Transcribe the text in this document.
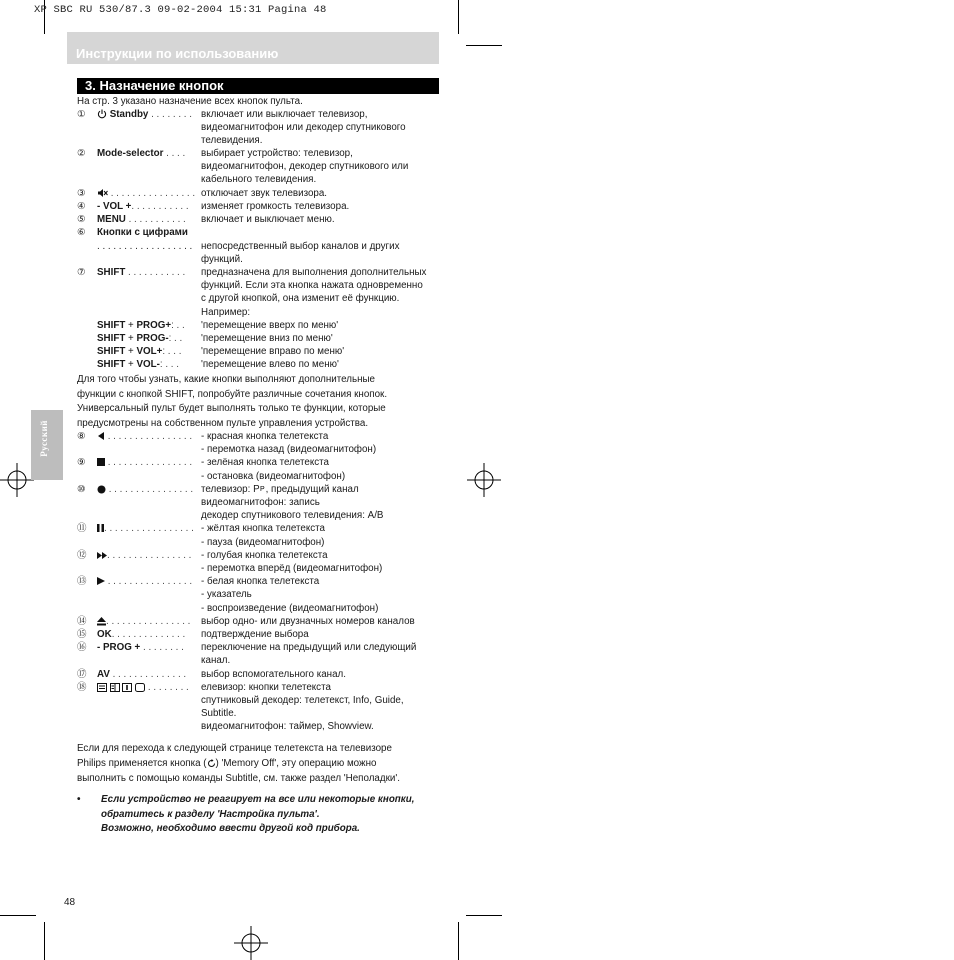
XP SBC RU 530/87.3 09-02-2004 15:31 Pagina 48
Инструкции по использованию
3. Назначение кнопок
Русский
На стр. 3 указано назначение всех кнопок пульта.
①	Standby . . . . . . . . включает или выключает телевизор,
видеомагнитофон или декодер спутникового
телевидения.
② Mode-selector . . . . выбирает устройство: телевизор,
видеомагнитофон, декодер спутникового или
кабельного телевидения.
③	. . . . . . . . . . . . . . . . отключает звук телевизора.
④ - VOL +. . . . . . . . . . . изменяет громкость телевизора.
⑤ MENU . . . . . . . . . . . включает и выключает меню.
⑥ Кнопки с цифрами
. . . . . . . . . . . . . . . . . . непосредственный выбор каналов и других
функций.
⑦ SHIFT . . . . . . . . . . . предназначена для выполнения дополнительных
функций. Если эта кнопка нажата одновременно
с другой кнопкой, она изменит её функцию.
Например:
SHIFT + PROG+: . . 'перемещение вверх по меню'
SHIFT + PROG-: . . 'перемещение вниз по меню'
SHIFT + VOL+: . . . 'перемещение вправо по меню'
SHIFT + VOL-: . . . 'перемещение влево по меню'
Для того чтобы узнать, какие кнопки выполняют дополнительные
функции с кнопкой SHIFT, попробуйте различные сочетания кнопок.
Универсальный пульт будет выполнять только те функции, которые
предусмотрены на собственном пульте управления устройства.
⑧	. . . . . . . . . . . . . . . . - красная кнопка телетекста
- перемотка назад (видеомагнитофон)
⑨	. . . . . . . . . . . . . . . . - зелёная кнопка телетекста
- остановка (видеомагнитофон)
⑩	. . . . . . . . . . . . . . . . телевизор: P P , предыдущий канал
видеомагнитофон: запись
декодер спутникового телевидения: A/B
⑪	. . . . . . . . . . . . . . . . . - жёлтая кнопка телетекста
- пауза (видеомагнитофон)
⑫	. . . . . . . . . . . . . . . . - голубая кнопка телетекста
- перемотка вперёд (видеомагнитофон)
⑬	. . . . . . . . . . . . . . . . - белая кнопка телетекста
- указатель
- воспроизведение (видеомагнитофон)
⑭	. . . . . . . . . . . . . . . . выбор одно- или двузначных номеров каналов
⑮ OK. . . . . . . . . . . . . . подтверждение выбора
⑯ - PROG + . . . . . . . . переключение на предыдущий или следующий
канал.
⑰ AV . . . . . . . . . . . . . . выбор вспомогательного канал.
⑱	. . . . . . . . елевизор: кнопки телетекста
спутниковый декодер: телетекст, Info, Guide,
Subtitle.
видеомагнитофон: таймер, Showview.
Если для перехода к следующей странице телетекста на телевизоре
Philips применяется кнопка ( ) 'Memory Off', эту операцию можно
выполнить с помощью команды Subtitle, см. также раздел 'Неполадки'.
• Если устройство не реагирует на все или некоторые кнопки,
обратитесь к разделу 'Настройка пульта'.
Возможно, необходимо ввести другой код прибора.
48
